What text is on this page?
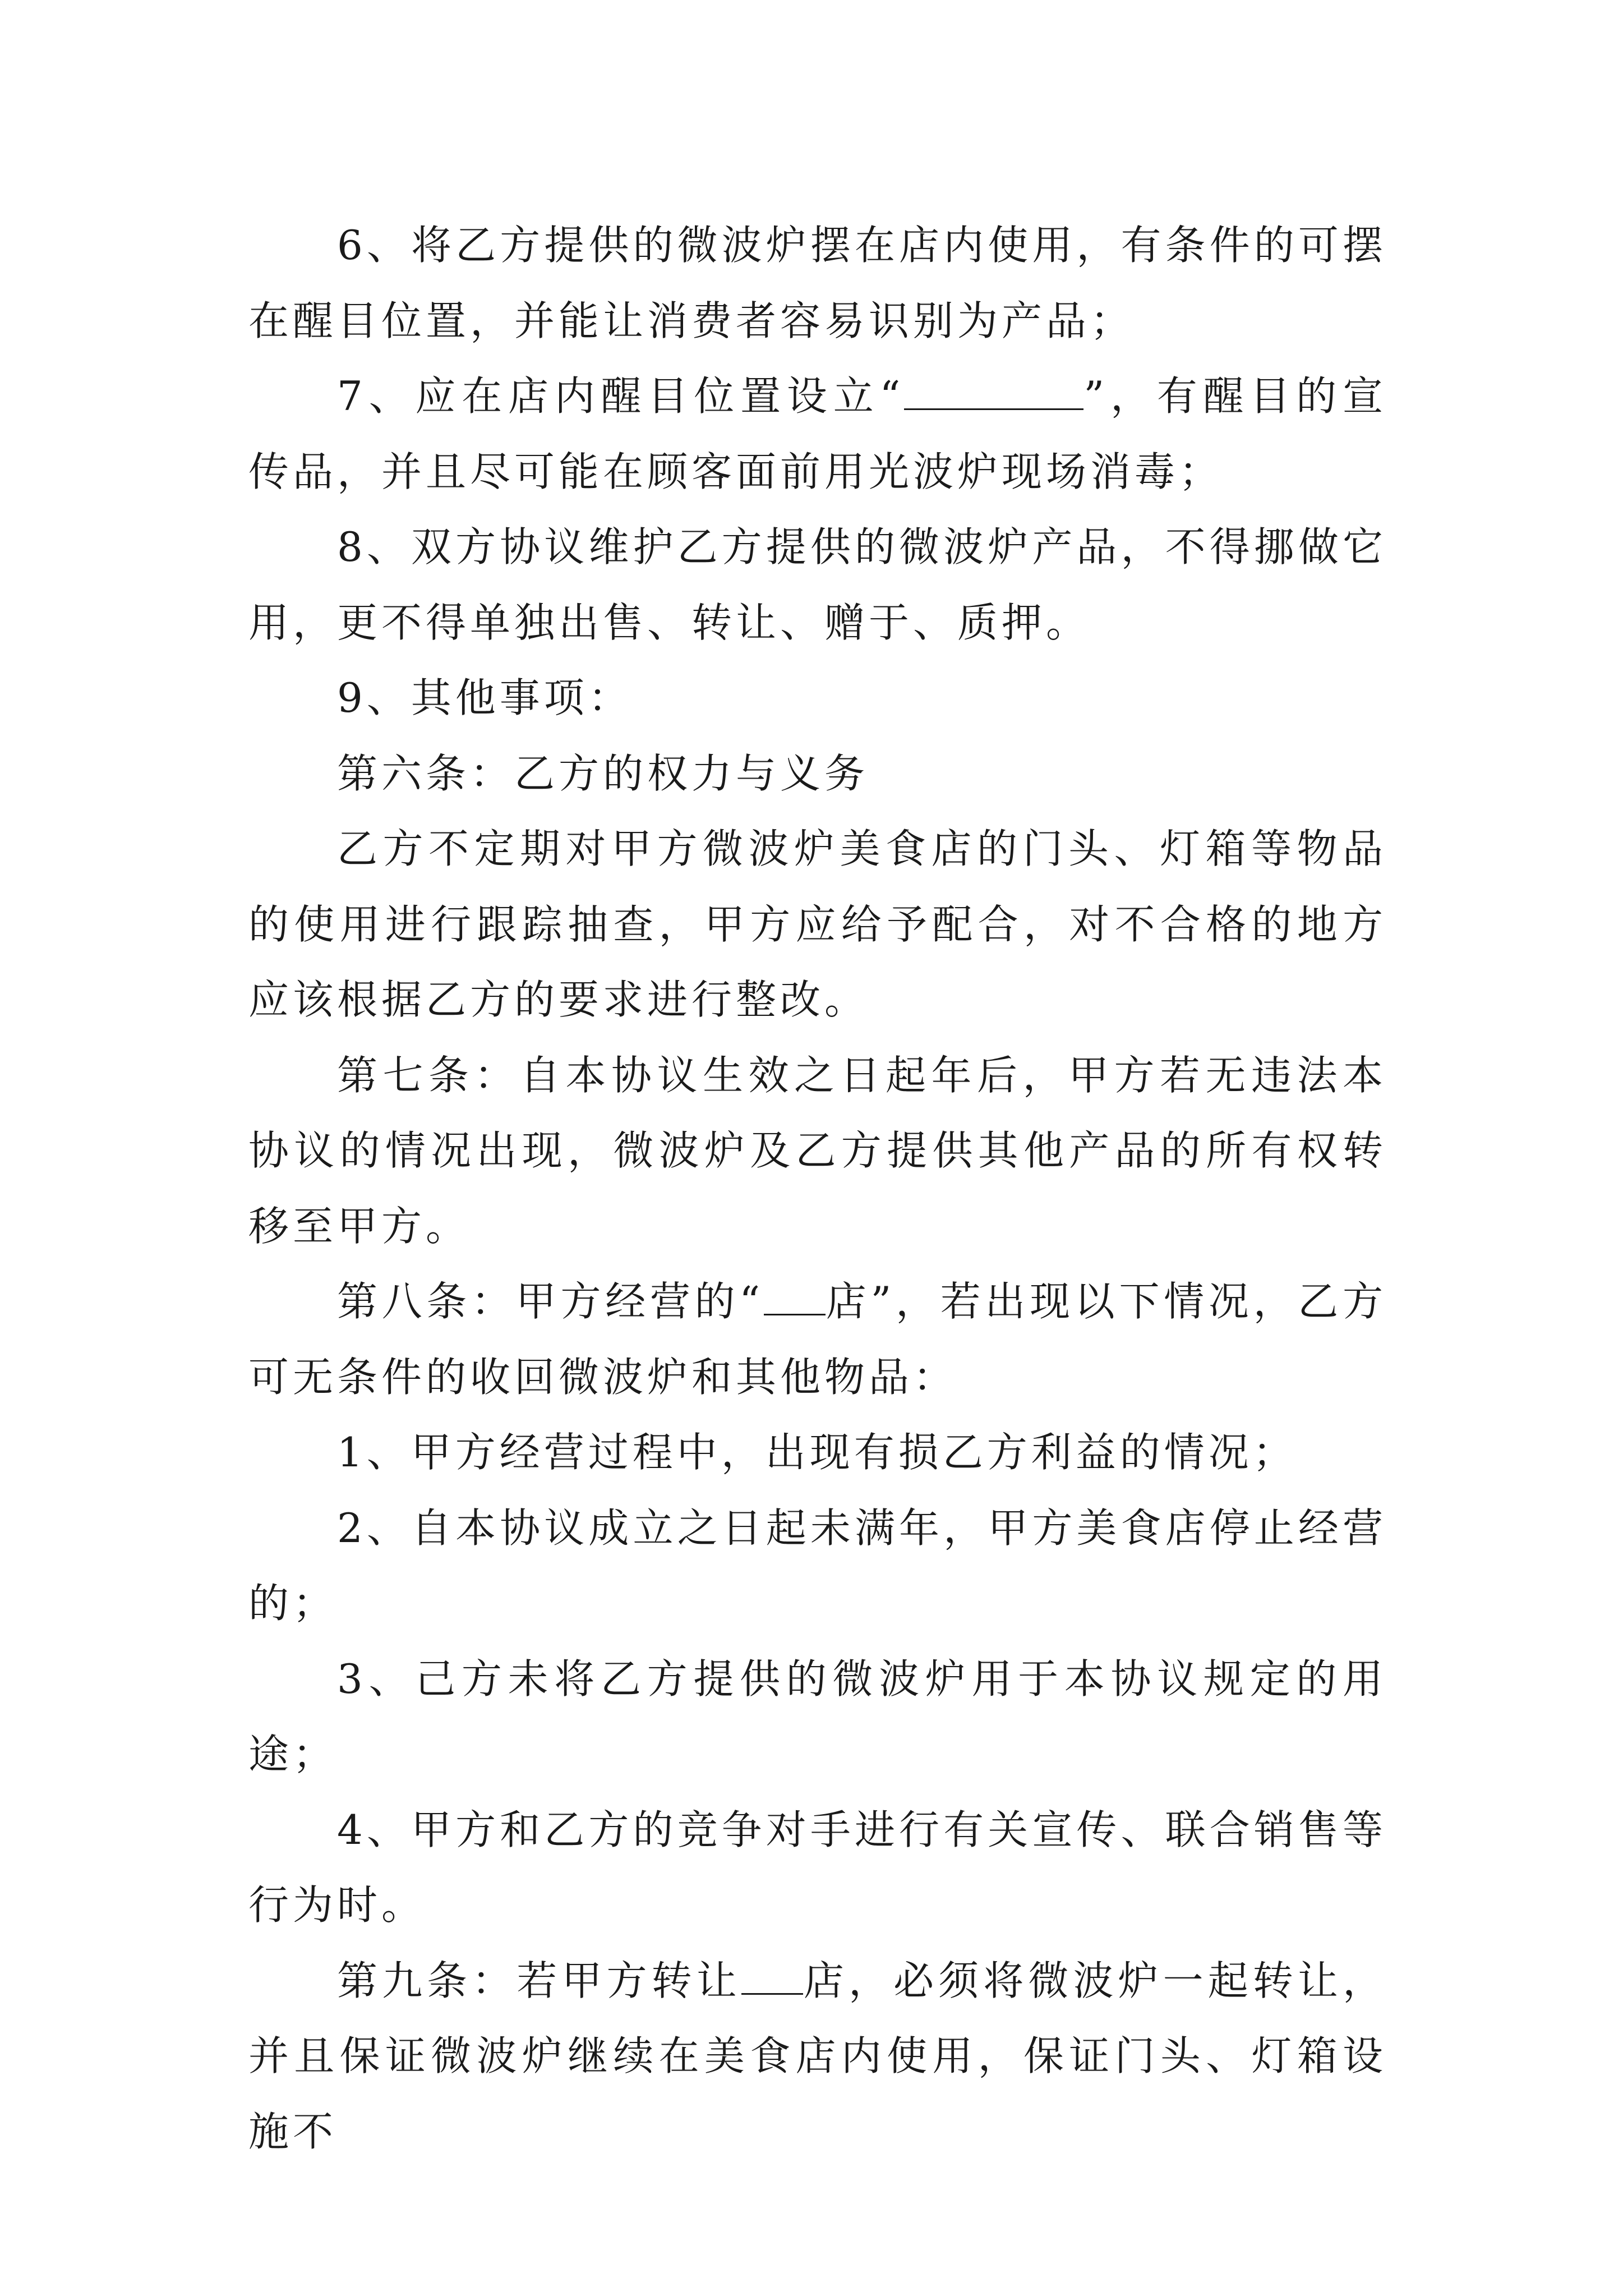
6、将乙方提供的微波炉摆在店内使用，有条件的可摆在醒目位置，并能让消费者容易识别为产品；

7、应在店内醒目位置设立“	”，有醒目的宣传品，并且尽可能在顾客面前用光波炉现场消毒；

8、双方协议维护乙方提供的微波炉产品，不得挪做它用，更不得单独出售、转让、赠于、质押。

9、其他事项：

第六条：乙方的权力与义务

乙方不定期对甲方微波炉美食店的门头、灯箱等物品的使用进行跟踪抽查，甲方应给予配合，对不合格的地方应该根据乙方的要求进行整改。

第七条：自本协议生效之日起年后，甲方若无违法本协议的情况出现，微波炉及乙方提供其他产品的所有权转移至甲方。

第八条：甲方经营的“ 店”，若出现以下情况，乙方可无条件的收回微波炉和其他物品：

1、甲方经营过程中，出现有损乙方利益的情况；

2、自本协议成立之日起未满年，甲方美食店停止经营的；

3、己方未将乙方提供的微波炉用于本协议规定的用途；

4、甲方和乙方的竞争对手进行有关宣传、联合销售等行为时。

第九条：若甲方转让 店，必须将微波炉一起转让，并且保证微波炉继续在美食店内使用，保证门头、灯箱设施不
